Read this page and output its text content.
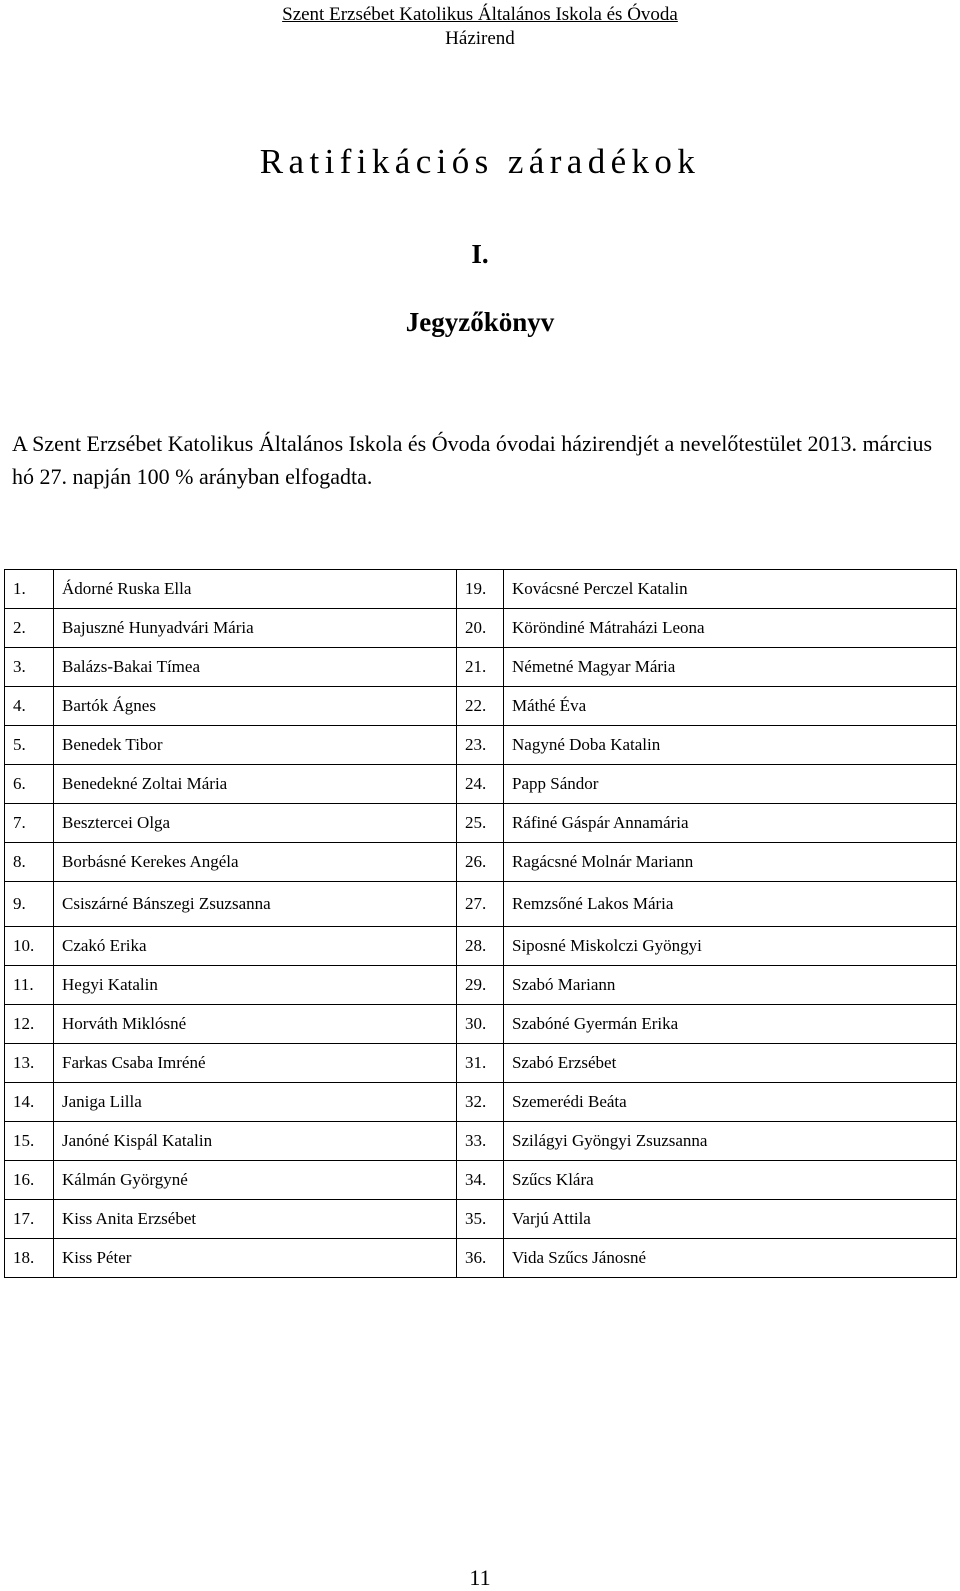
Szent Erzsébet Katolikus Általános Iskola és Óvoda
Házirend
Ratifikációs záradékok
I.
Jegyzőkönyv
A Szent Erzsébet Katolikus Általános Iskola és Óvoda óvodai házirendjét a nevelőtestület 2013. március hó 27. napján 100 % arányban elfogadta.
1.	Ádorné Ruska Ella	19.	Kovácsné Perczel Katalin
2.	Bajuszné Hunyadvári Mária	20.	Köröndiné Mátraházi Leona
3.	Balázs-Bakai Tímea	21.	Németné Magyar Mária
4.	Bartók Ágnes	22.	Máthé Éva
5.	Benedek Tibor	23.	Nagyné Doba Katalin
6.	Benedekné Zoltai Mária	24.	Papp Sándor
7.	Besztercei Olga	25.	Ráfiné Gáspár Annamária
8.	Borbásné Kerekes Angéla	26.	Ragácsné Molnár Mariann
9.	Csiszárné Bánszegi Zsuzsanna	27.	Remzsőné Lakos Mária
10.	Czakó Erika	28.	Siposné Miskolczi Gyöngyi
11.	Hegyi Katalin	29.	Szabó Mariann
12.	Horváth Miklósné	30.	Szabóné Gyermán Erika
13.	Farkas Csaba Imréné	31.	Szabó Erzsébet
14.	Janiga Lilla	32.	Szemerédi Beáta
15.	Janóné Kispál Katalin	33.	Szilágyi Gyöngyi Zsuzsanna
16.	Kálmán Györgyné	34.	Szűcs Klára
17.	Kiss Anita Erzsébet	35.	Varjú Attila
18.	Kiss Péter	36.	Vida Szűcs Jánosné
11
